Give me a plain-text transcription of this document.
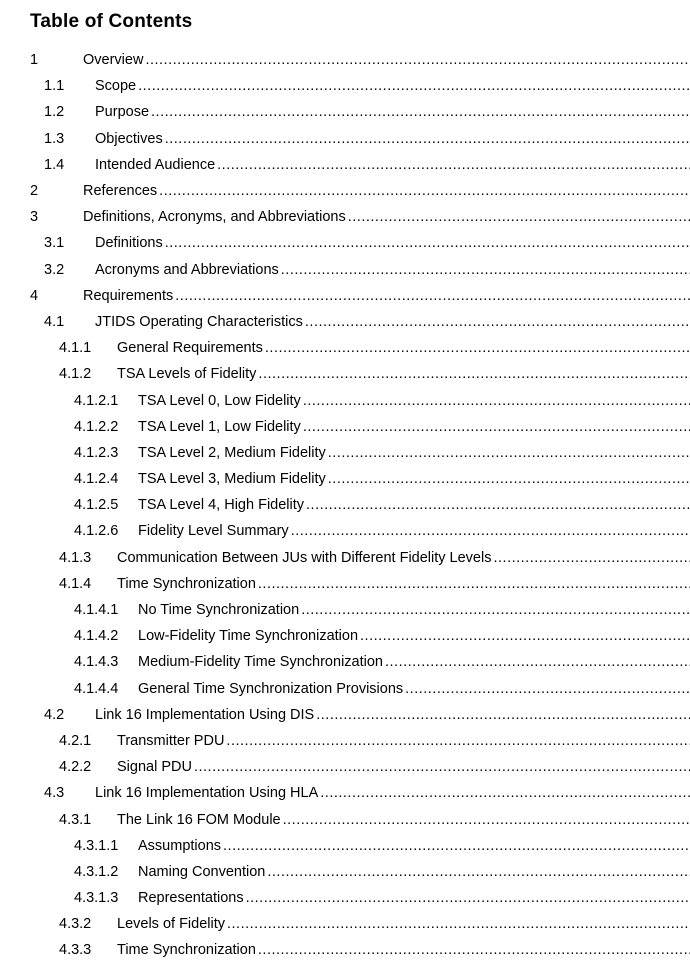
Table of Contents
1	Overview
.....
1.1 Scope
.....
1.2 Purpose
.....
1.3 Objectives
.....
1.4 Intended Audience
.....
2	References
.....
3	Definitions, Acronyms, and Abbreviations
.....
3.1 Definitions
.....
3.2 Acronyms and Abbreviations
.....
4	Requirements
.....
4.1 JTIDS Operating Characteristics
.....
4.1.1 General Requirements
.....
4.1.2 TSA Levels of Fidelity
.....
4.1.2.1 TSA Level 0, Low Fidelity
.....
4.1.2.2 TSA Level 1, Low Fidelity
.....
4.1.2.3 TSA Level 2, Medium Fidelity
.....
4.1.2.4 TSA Level 3, Medium Fidelity
.....
4.1.2.5 TSA Level 4, High Fidelity
.....
4.1.2.6 Fidelity Level Summary
.....
4.1.3 Communication Between JUs with Different Fidelity Levels
.....
4.1.4 Time Synchronization
.....
4.1.4.1 No Time Synchronization
.....
4.1.4.2 Low-Fidelity Time Synchronization
.....
4.1.4.3 Medium-Fidelity Time Synchronization
.....
4.1.4.4 General Time Synchronization Provisions
.....
4.2 Link 16 Implementation Using DIS
.....
4.2.1 Transmitter PDU
.....
4.2.2 Signal PDU
.....
4.3 Link 16 Implementation Using HLA
.....
4.3.1 The Link 16 FOM Module
.....
4.3.1.1 Assumptions
.....
4.3.1.2 Naming Convention
.....
4.3.1.3 Representations
.....
4.3.2 Levels of Fidelity
.....
4.3.3 Time Synchronization
.....
